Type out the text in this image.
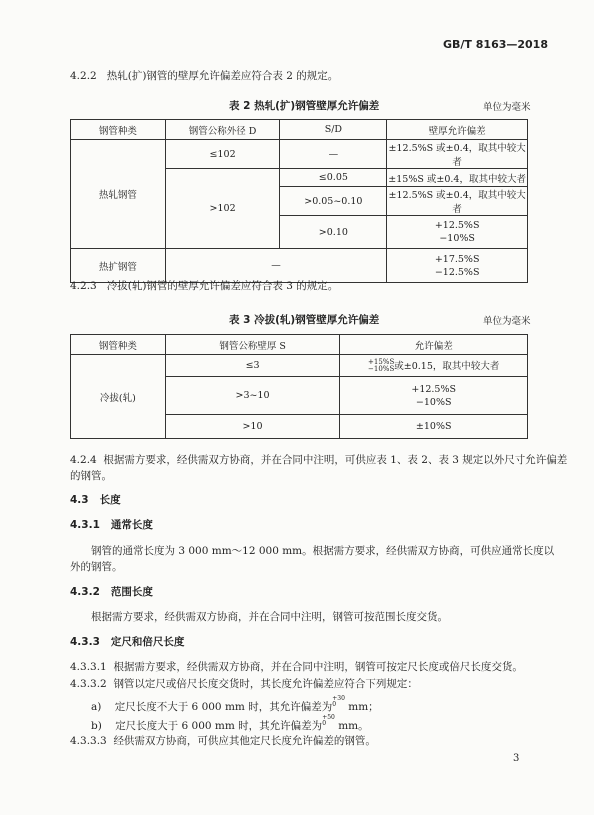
GB/T 8163—2018
4.2.2 热轧(扩)钢管的壁厚允许偏差应符合表 2 的规定。
表 2 热轧(扩)钢管壁厚允许偏差	单位为毫米
钢管种类	钢管公称外径 D	S/D	壁厚允许偏差
热轧钢管	≤102	—	±12.5%S 或±0.4，取其中较大者
	>102	≤0.05	±15%S 或±0.4，取其中较大者
		>0.05~0.10	±12.5%S 或±0.4，取其中较大者
		>0.10	+12.5%S
−10%S

热扩钢管	—		+17.5%S
−12.5%S
4.2.3 冷拔(轧)钢管的壁厚允许偏差应符合表 3 的规定。
表 3 冷拔(轧)钢管壁厚允许偏差	单位为毫米
钢管种类	钢管公称壁厚 S	允许偏差
冷拔(轧)	≤3	+15%S
−10%S或±0.15，取其中较大者
	>3~10	+12.5%S
−10%S

	>10	±10%S
4.2.4 根据需方要求，经供需双方协商，并在合同中注明，可供应表 1、表 2、表 3 规定以外尺寸允许偏差
的钢管。
4.3 长度
4.3.1 通常长度
钢管的通常长度为 3 000 mm～12 000 mm。根据需方要求，经供需双方协商，可供应通常长度以
外的钢管。
4.3.2 范围长度
根据需方要求，经供需双方协商，并在合同中注明，钢管可按范围长度交货。
4.3.3 定尺和倍尺长度
4.3.3.1 根据需方要求，经供需双方协商，并在合同中注明，钢管可按定尺长度或倍尺长度交货。
4.3.3.2 钢管以定尺或倍尺长度交货时，其长度允许偏差应符合下列规定：
a) 定尺长度不大于 6 000 mm 时，其允许偏差为$^{+30 0}$ mm；
b) 定尺长度大于 6 000 mm 时，其允许偏差为$^{+50 0}$ mm。
4.3.3.3 经供需双方协商，可供应其他定尺长度允许偏差的钢管。
3
